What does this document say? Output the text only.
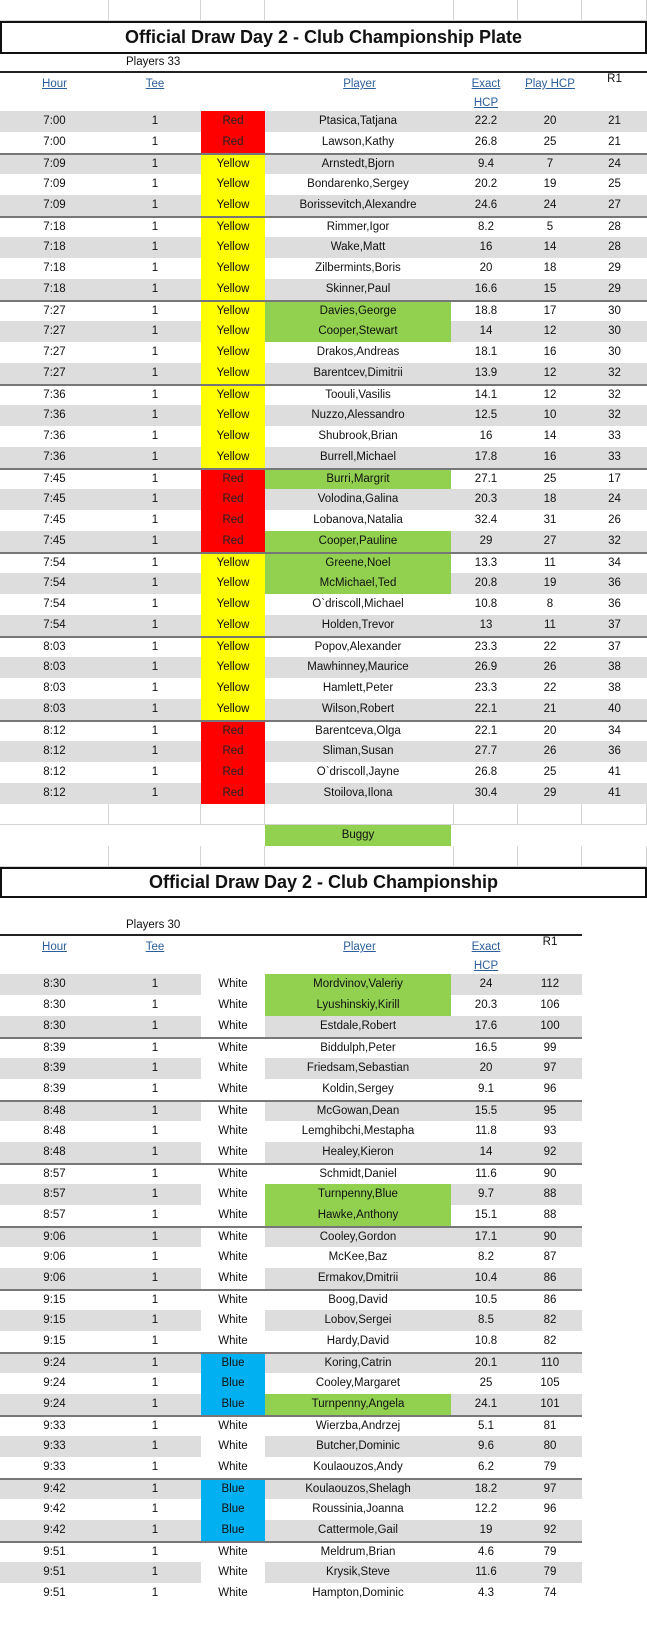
Official Draw Day 2 - Club Championship Plate
Players 33
Hour	Tee	Player	Exact HCP
Play HCP	R1
7:00	1	Red	Ptasica,Tatjana	22.2	20	21
7:00	1	Red	Lawson,Kathy	26.8	25	21
7:09	1	Yellow	Arnstedt,Bjorn	9.4	7	24
7:09	1	Yellow	Bondarenko,Sergey	20.2	19	25
7:09	1	Yellow	Borissevitch,Alexandre	24.6	24	27
7:18	1	Yellow	Rimmer,Igor	8.2	5	28
7:18	1	Yellow	Wake,Matt	16	14	28
7:18	1	Yellow	Zilbermints,Boris	20	18	29
7:18	1	Yellow	Skinner,Paul	16.6	15	29
7:27	1	Yellow	Davies,George	18.8	17	30
7:27	1	Yellow	Cooper,Stewart	14	12	30
7:27	1	Yellow	Drakos,Andreas	18.1	16	30
7:27	1	Yellow	Barentcev,Dimitrii	13.9	12	32
7:36	1	Yellow	Toouli,Vasilis	14.1	12	32
7:36	1	Yellow	Nuzzo,Alessandro	12.5	10	32
7:36	1	Yellow	Shubrook,Brian	16	14	33
7:36	1	Yellow	Burrell,Michael	17.8	16	33
7:45	1	Red	Burri,Margrit	27.1	25	17
7:45	1	Red	Volodina,Galina	20.3	18	24
7:45	1	Red	Lobanova,Natalia	32.4	31	26
7:45	1	Red	Cooper,Pauline	29	27	32
7:54	1	Yellow	Greene,Noel	13.3	11	34
7:54	1	Yellow	McMichael,Ted	20.8	19	36
7:54	1	Yellow	O`driscoll,Michael	10.8	8	36
7:54	1	Yellow	Holden,Trevor	13	11	37
8:03	1	Yellow	Popov,Alexander	23.3	22	37
8:03	1	Yellow	Mawhinney,Maurice	26.9	26	38
8:03	1	Yellow	Hamlett,Peter	23.3	22	38
8:03	1	Yellow	Wilson,Robert	22.1	21	40
8:12	1	Red	Barentceva,Olga	22.1	20	34
8:12	1	Red	Sliman,Susan	27.7	26	36
8:12	1	Red	O`driscoll,Jayne	26.8	25	41
8:12	1	Red	Stoilova,Ilona	30.4	29	41
Buggy
Official Draw Day 2 - Club Championship
Players 30
Hour	Tee	Player	Exact HCP
R1
8:30	1	White	Mordvinov,Valeriy	24	112
8:30	1	White	Lyushinskiy,Kirill	20.3	106
8:30	1	White	Estdale,Robert	17.6	100
8:39	1	White	Biddulph,Peter	16.5	99
8:39	1	White	Friedsam,Sebastian	20	97
8:39	1	White	Koldin,Sergey	9.1	96
8:48	1	White	McGowan,Dean	15.5	95
8:48	1	White	Lemghibchi,Mestapha	11.8	93
8:48	1	White	Healey,Kieron	14	92
8:57	1	White	Schmidt,Daniel	11.6	90
8:57	1	White	Turnpenny,Blue	9.7	88
8:57	1	White	Hawke,Anthony	15.1	88
9:06	1	White	Cooley,Gordon	17.1	90
9:06	1	White	McKee,Baz	8.2	87
9:06	1	White	Ermakov,Dmitrii	10.4	86
9:15	1	White	Boog,David	10.5	86
9:15	1	White	Lobov,Sergei	8.5	82
9:15	1	White	Hardy,David	10.8	82
9:24	1	Blue	Koring,Catrin	20.1	110
9:24	1	Blue	Cooley,Margaret	25	105
9:24	1	Blue	Turnpenny,Angela	24.1	101
9:33	1	White	Wierzba,Andrzej	5.1	81
9:33	1	White	Butcher,Dominic	9.6	80
9:33	1	White	Koulaouzos,Andy	6.2	79
9:42	1	Blue	Koulaouzos,Shelagh	18.2	97
9:42	1	Blue	Roussinia,Joanna	12.2	96
9:42	1	Blue	Cattermole,Gail	19	92
9:51	1	White	Meldrum,Brian	4.6	79
9:51	1	White	Krysik,Steve	11.6	79
9:51	1	White	Hampton,Dominic	4.3	74
